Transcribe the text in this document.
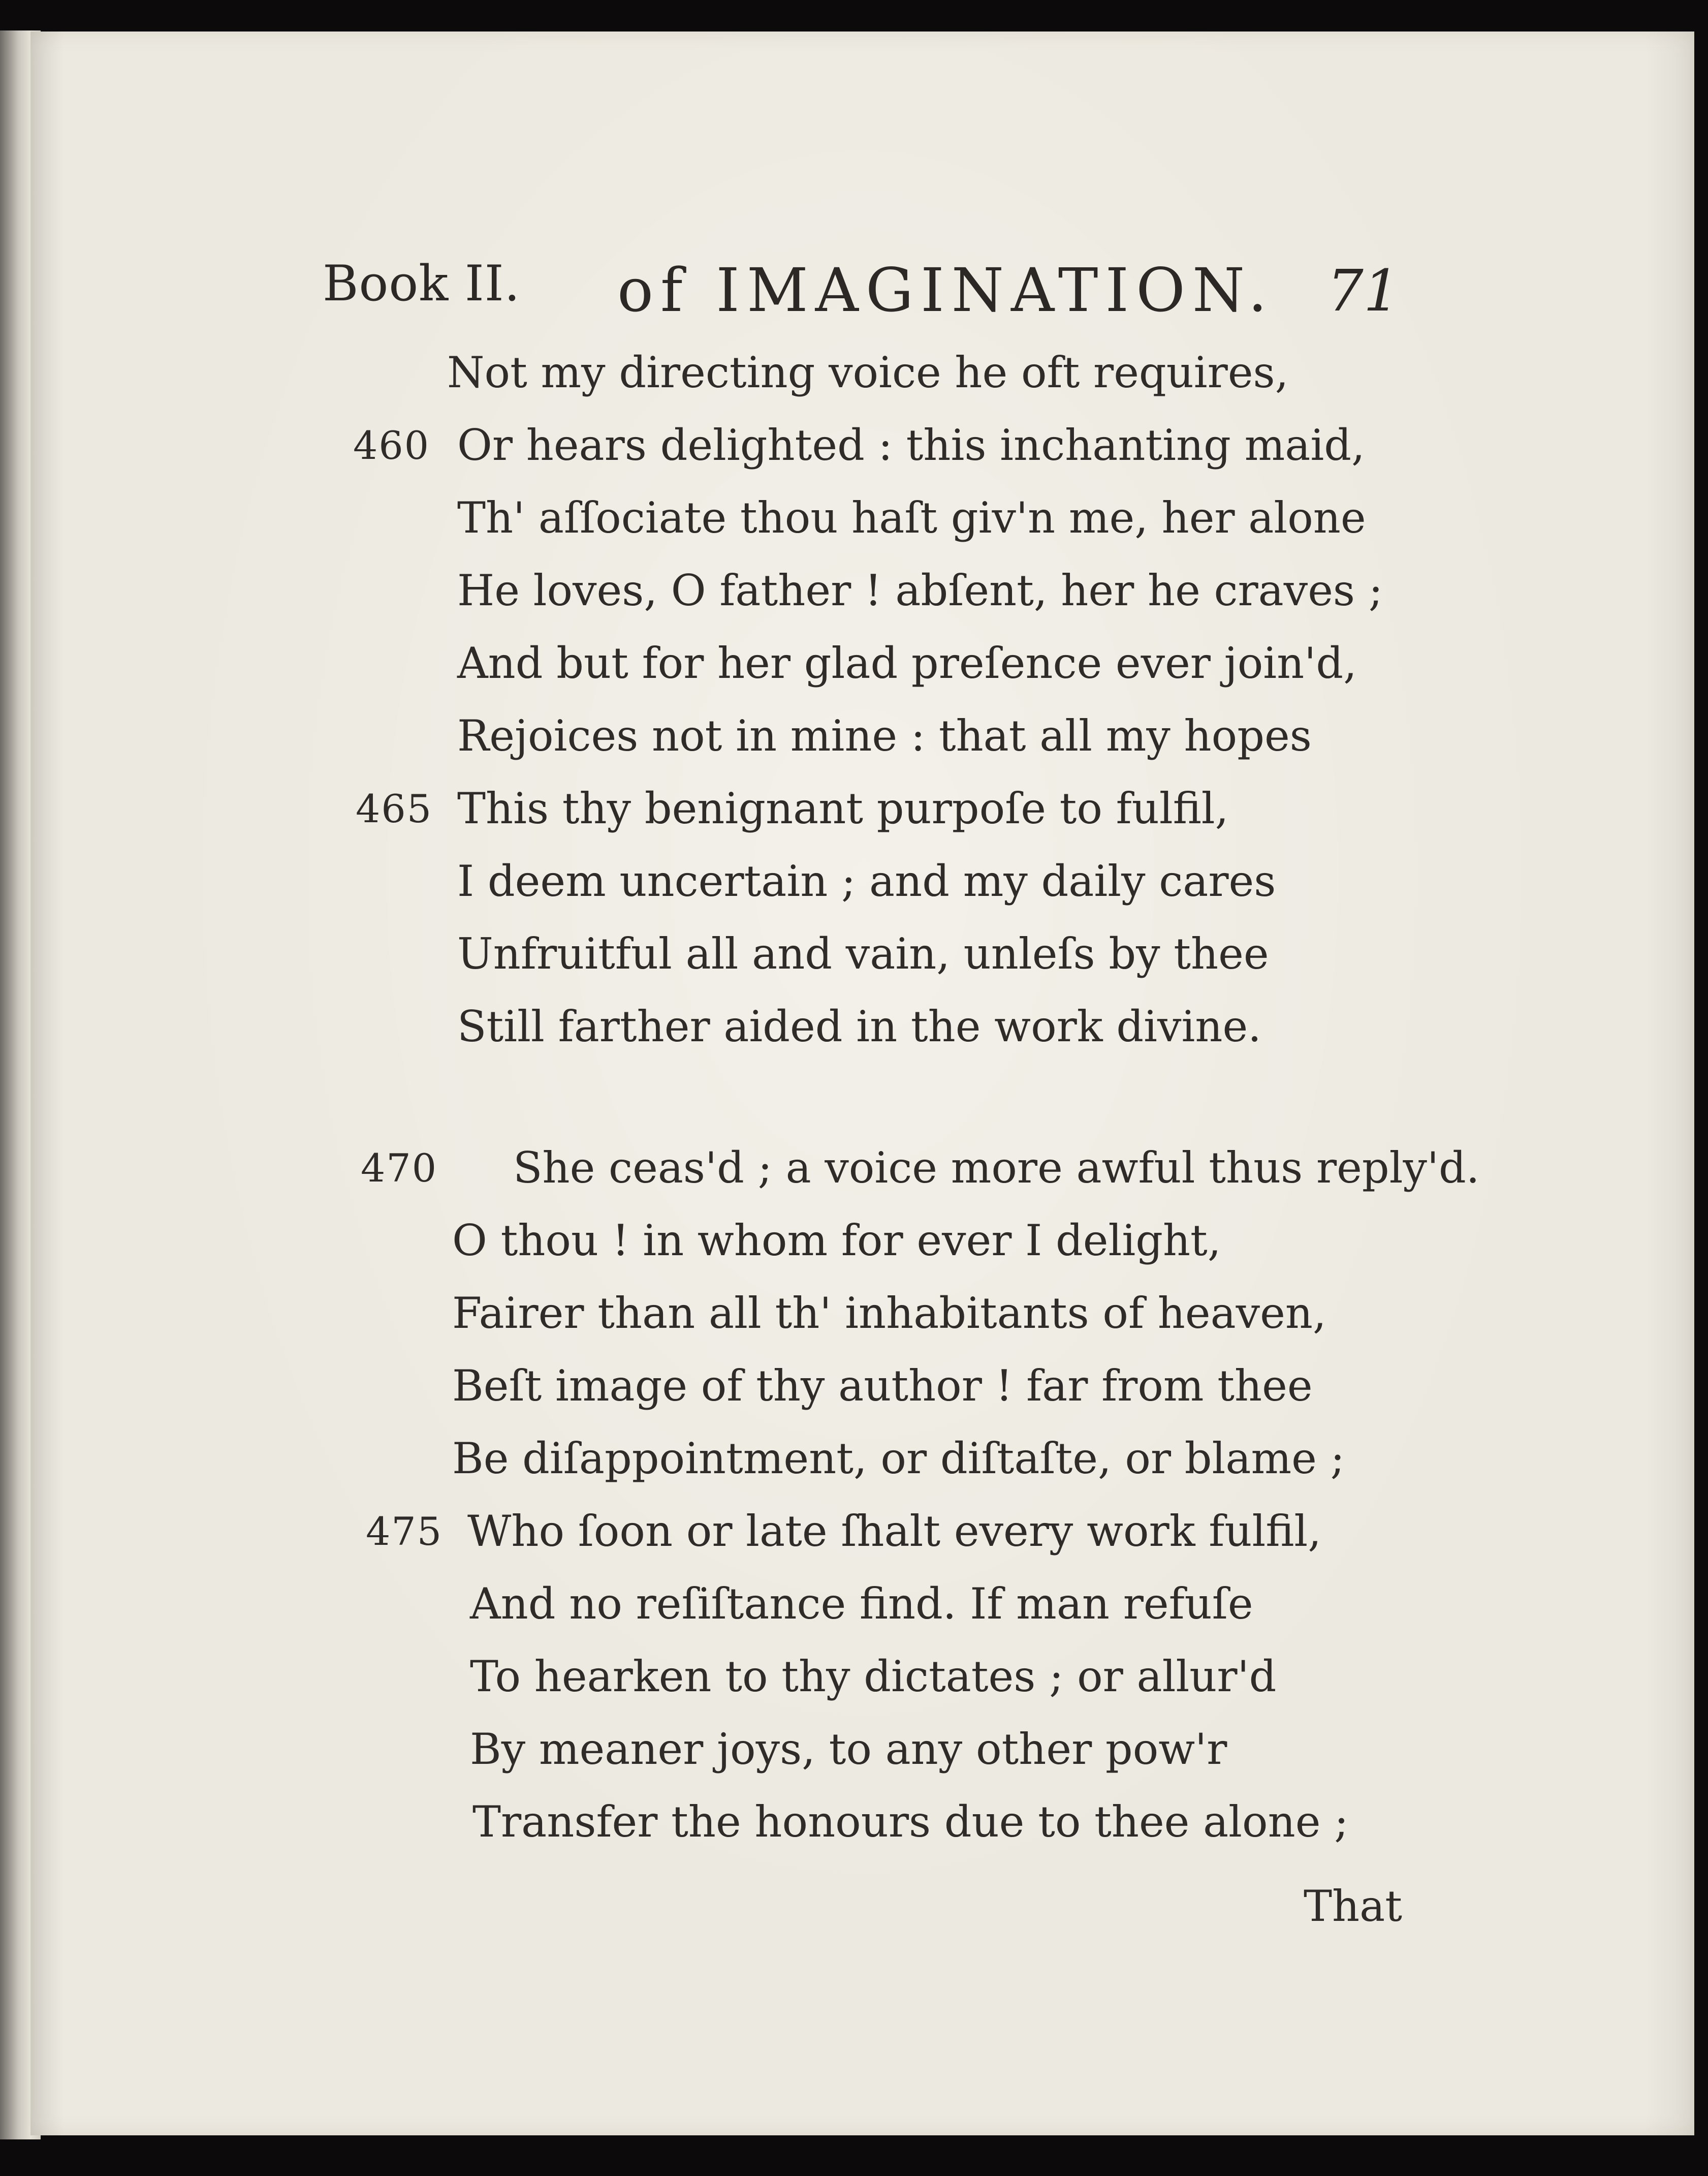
Book II. of IMAGINATION. 71
Not my directing voice he oft requires,
460 Or hears delighted : this inchanting maid,
Th' aſſociate thou haſt giv'n me, her alone
He loves, O father ! abſent, her he craves ;
And but for her glad preſence ever join'd,
Rejoices not in mine : that all my hopes
465 This thy benignant purpoſe to fulfil,
I deem uncertain ; and my daily cares
Unfruitful all and vain, unleſs by thee
Still farther aided in the work divine.
470 She ceas'd ; a voice more awful thus reply'd.
O thou ! in whom for ever I delight,
Fairer than all th' inhabitants of heaven,
Beſt image of thy author ! far from thee
Be diſappointment, or diſtaſte, or blame ;
475 Who ſoon or late ſhalt every work fulfil,
And no reſiſtance find. If man refuſe
To hearken to thy dictates ; or allur'd
By meaner joys, to any other pow'r
Transfer the honours due to thee alone ;
That
